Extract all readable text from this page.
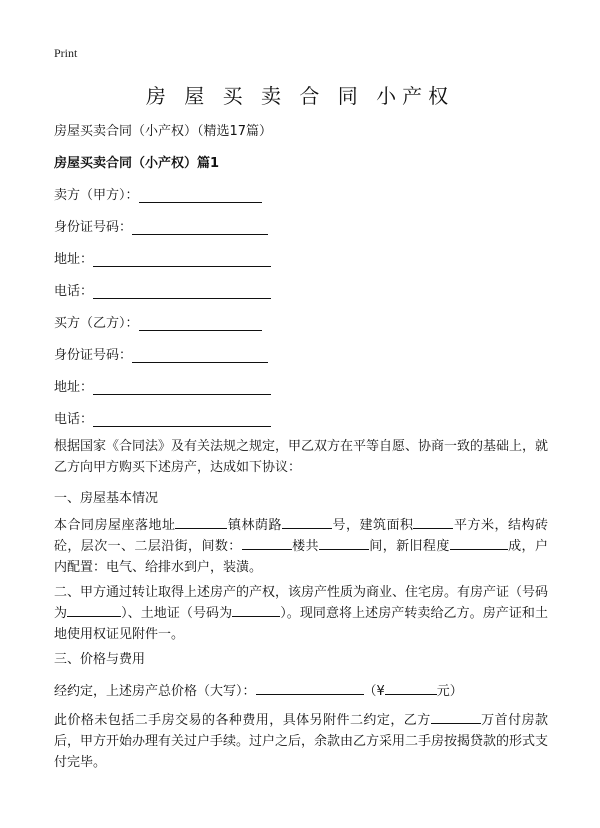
Print
房 屋 买 卖 合 同 小产权
房屋买卖合同（小产权）（精选17篇）
房屋买卖合同（小产权）篇1
卖方（甲方）：
身份证号码：
地址：
电话：
买方（乙方）：
身份证号码：
地址：
电话：
根据国家《合同法》及有关法规之规定，甲乙双方在平等自愿、协商一致的基础上，就乙方向甲方购买下述房产，达成如下协议：
一、房屋基本情况
本合同房屋座落地址	镇林荫路	号，建筑面积	平方米，结构砖砼，层次一、二层沿街，间数：	楼共	间，新旧程度	成，户内配置：电气、给排水到户，装潢。
二、甲方通过转让取得上述房产的产权，该房产性质为商业、住宅房。有房产证（号码为	）、土地证（号码为	）。现同意将上述房产转卖给乙方。房产证和土地使用权证见附件一。
三、价格与费用
经约定，上述房产总价格（大写）：	（¥	元）
此价格未包括二手房交易的各种费用，具体另附件二约定，乙方	万首付房款后，甲方开始办理有关过户手续。过户之后，余款由乙方采用二手房按揭贷款的形式支付完毕。
